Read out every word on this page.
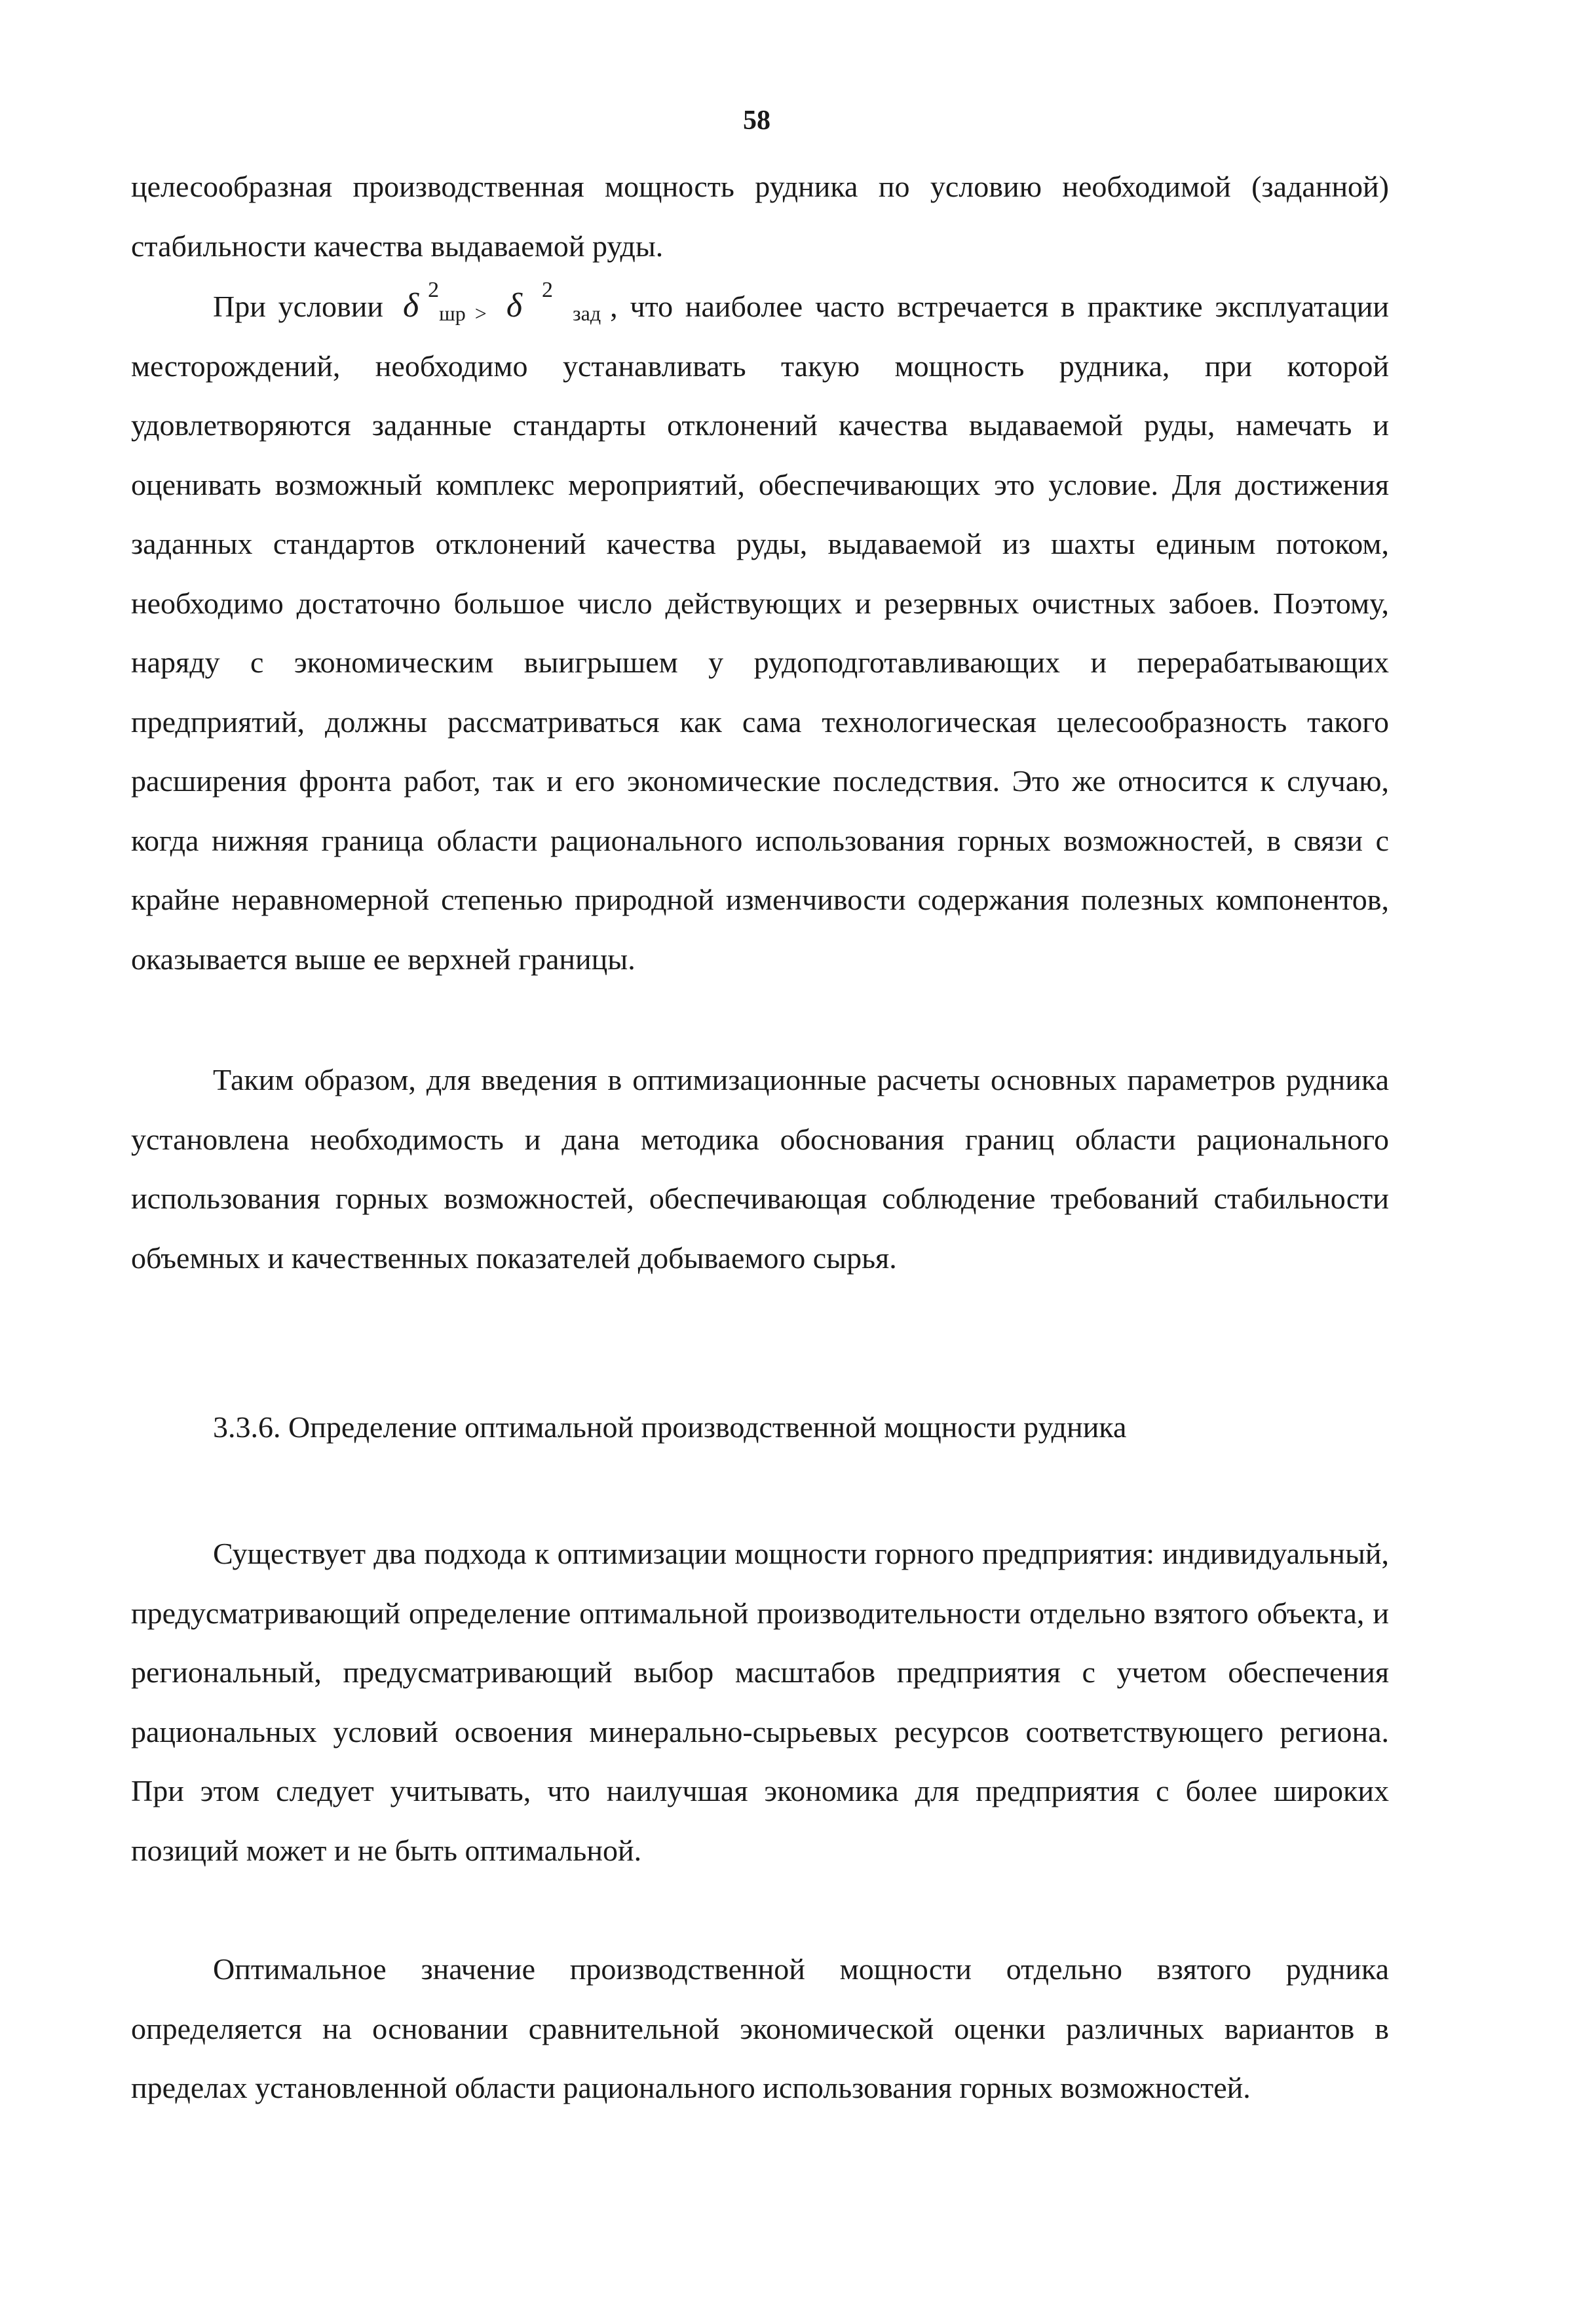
58

целесообразная производственная мощность рудника по условию необходимой (заданной) стабильности качества выдаваемой руды.

При условии δ $^2$шр > δ $^2$зад , что наиболее часто встречается в практике эксплуатации месторождений, необходимо устанавливать такую мощность рудника, при которой удовлетворяются заданные стандарты отклонений качества выдаваемой руды, намечать и оценивать возможный комплекс мероприятий, обеспечивающих это условие. Для достижения заданных стандартов отклонений качества руды, выдаваемой из шахты единым потоком, необходимо достаточно большое число действующих и резервных очистных забоев. Поэтому, наряду с экономическим выигрышем у рудоподготавливающих и перерабатывающих предприятий, должны рассматриваться как сама технологическая целесообразность такого расширения фронта работ, так и его экономические последствия. Это же относится к случаю, когда нижняя граница области рационального использования горных возможностей, в связи с крайне неравномерной степенью природной изменчивости содержания полезных компонентов, оказывается выше ее верхней границы.

Таким образом, для введения в оптимизационные расчеты основных параметров рудника установлена необходимость и дана методика обоснования границ области рационального использования горных возможностей, обеспечивающая соблюдение требований стабильности объемных и качественных показателей добываемого сырья.

3.3.6. Определение оптимальной производственной мощности рудника

Существует два подхода к оптимизации мощности горного предприятия: индивидуальный, предусматривающий определение оптимальной производительности отдельно взятого объекта, и региональный, предусматривающий выбор масштабов предприятия с учетом обеспечения рациональных условий освоения минерально-сырьевых ресурсов соответствующего региона. При этом следует учитывать, что наилучшая экономика для предприятия с более широких позиций может и не быть оптимальной.

Оптимальное значение производственной мощности отдельно взятого рудника определяется на основании сравнительной экономической оценки различных вариантов в пределах установленной области рационального использования горных возможностей.
